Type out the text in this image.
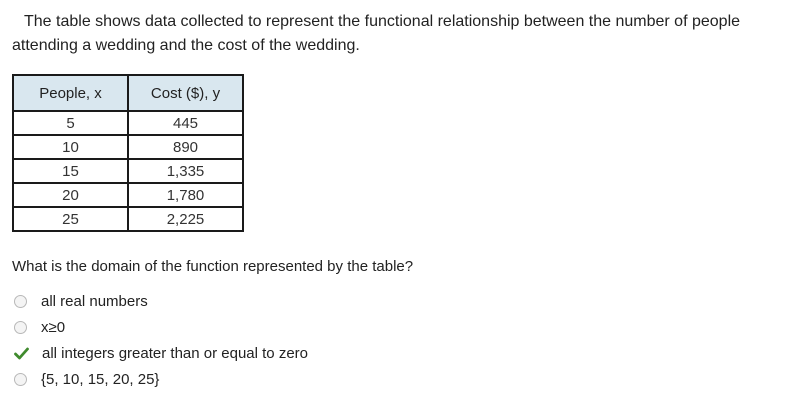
The table shows data collected to represent the functional relationship between the number of people attending a wedding and the cost of the wedding.

People, x	Cost ($), y
5	445
10	890
15	1,335
20	1,780
25	2,225

What is the domain of the function represented by the table?

all real numbers
x≥0
all integers greater than or equal to zero
{5, 10, 15, 20, 25}
